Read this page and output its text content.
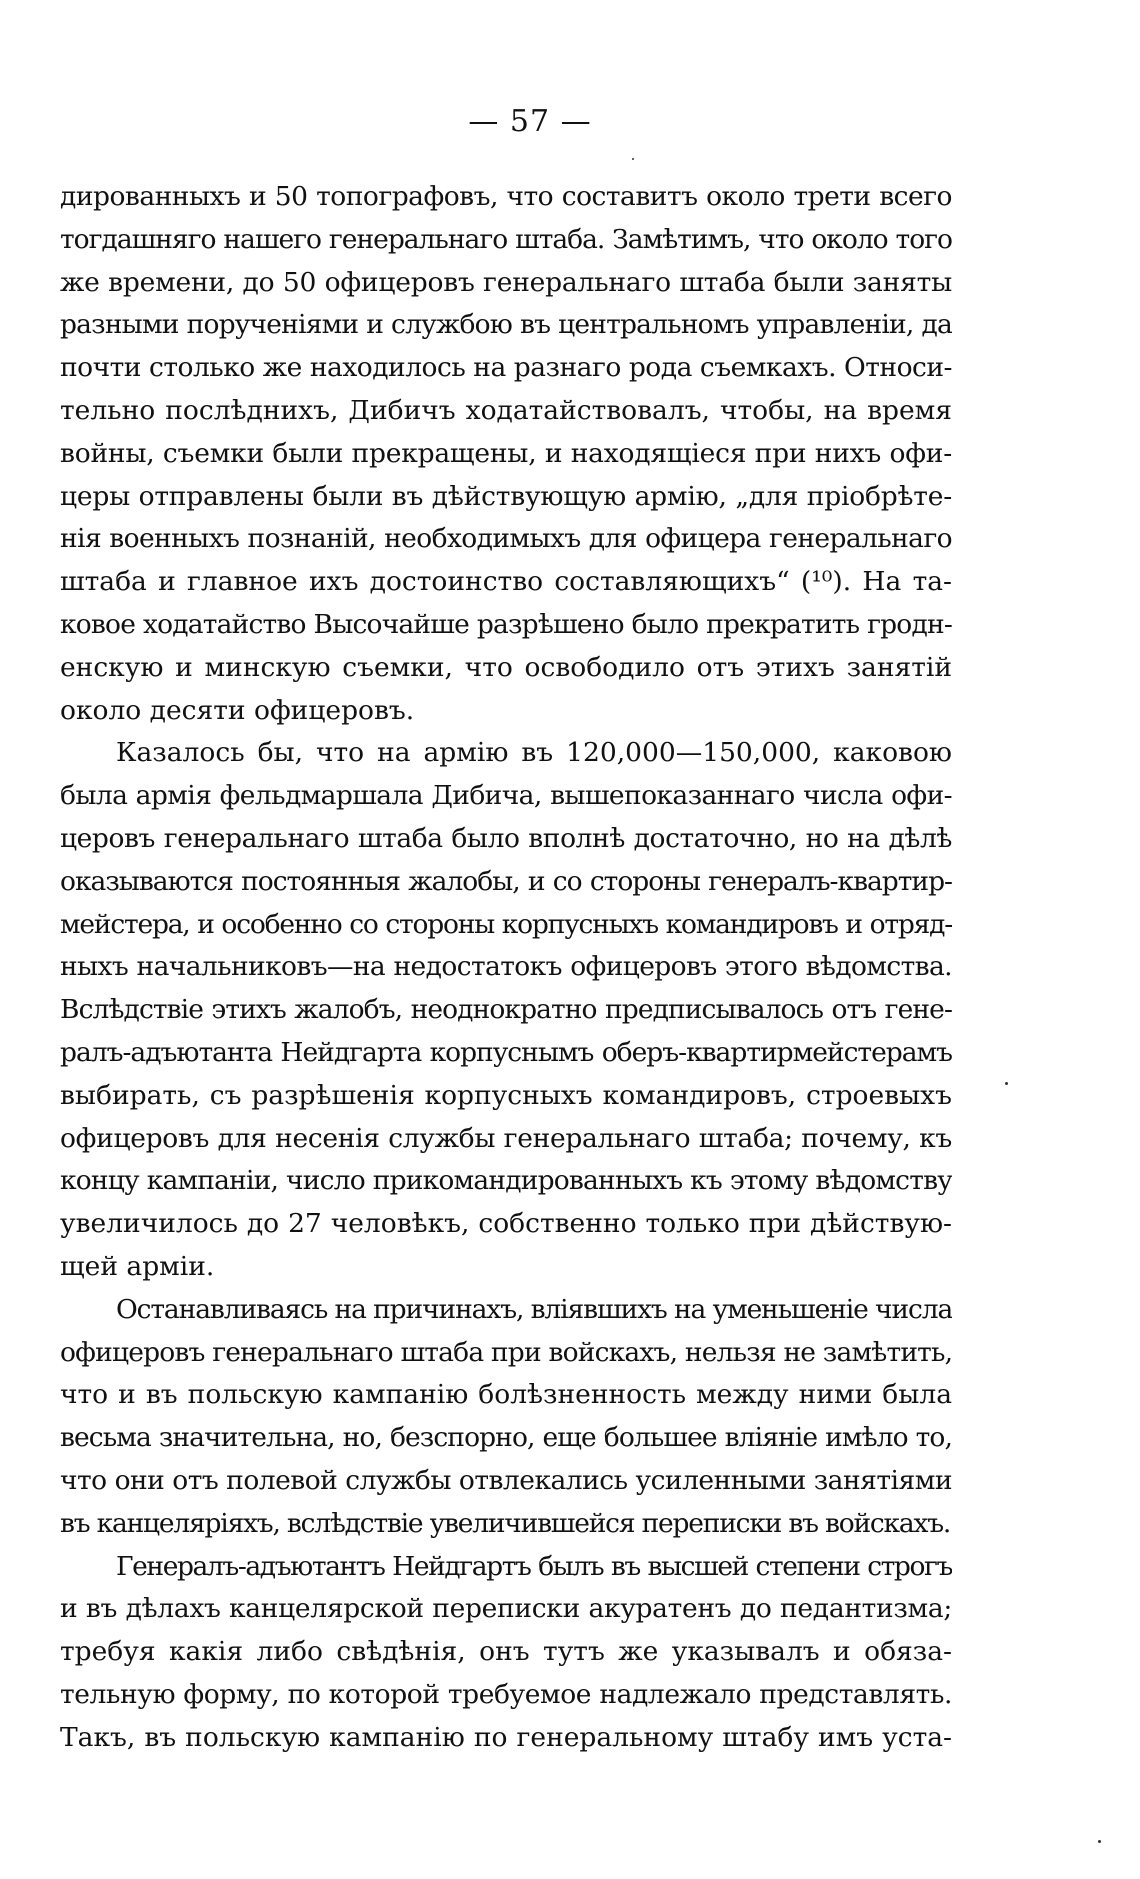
— 57 —
дированныхъ и 50 топографовъ, что составитъ около трети всего
тогдашняго нашего генеральнаго штаба. Замѣтимъ, что около того
же времени, до 50 офицеровъ генеральнаго штаба были заняты
разными порученіями и службою въ центральномъ управленіи, да
почти столько же находилось на разнаго рода съемкахъ. Относи-
тельно послѣднихъ, Дибичъ ходатайствовалъ, чтобы, на время
войны, съемки были прекращены, и находящіеся при нихъ офи-
церы отправлены были въ дѣйствующую армію, „для пріобрѣте-
нія военныхъ познаній, необходимыхъ для офицера генеральнаго
штаба и главное ихъ достоинство составляющихъ“ (¹⁰). На та-
ковое ходатайство Высочайше разрѣшено было прекратить гродн-
енскую и минскую съемки, что освободило отъ этихъ занятій
около десяти офицеровъ.
Казалось бы, что на армію въ 120,000—150,000, каковою
была армія фельдмаршала Дибича, вышепоказаннаго числа офи-
церовъ генеральнаго штаба было вполнѣ достаточно, но на дѣлѣ
оказываются постоянныя жалобы, и со стороны генералъ-квартир-
мейстера, и особенно со стороны корпусныхъ командировъ и отряд-
ныхъ начальниковъ—на недостатокъ офицеровъ этого вѣдомства.
Вслѣдствіе этихъ жалобъ, неоднократно предписывалось отъ гене-
ралъ-адъютанта Нейдгарта корпуснымъ оберъ-квартирмейстерамъ
выбирать, съ разрѣшенія корпусныхъ командировъ, строевыхъ
офицеровъ для несенія службы генеральнаго штаба; почему, къ
концу кампаніи, число прикомандированныхъ къ этому вѣдомству
увеличилось до 27 человѣкъ, собственно только при дѣйствую-
щей арміи.
Останавливаясь на причинахъ, вліявшихъ на уменьшеніе числа
офицеровъ генеральнаго штаба при войскахъ, нельзя не замѣтить,
что и въ польскую кампанію болѣзненность между ними была
весьма значительна, но, безспорно, еще большее вліяніе имѣло то,
что они отъ полевой службы отвлекались усиленными занятіями
въ канцеляріяхъ, вслѣдствіе увеличившейся переписки въ войскахъ.
Генералъ-адъютантъ Нейдгартъ былъ въ высшей степени строгъ
и въ дѣлахъ канцелярской переписки акуратенъ до педантизма;
требуя какія либо свѣдѣнія, онъ тутъ же указывалъ и обяза-
тельную форму, по которой требуемое надлежало представлять.
Такъ, въ польскую кампанію по генеральному штабу имъ уста-
